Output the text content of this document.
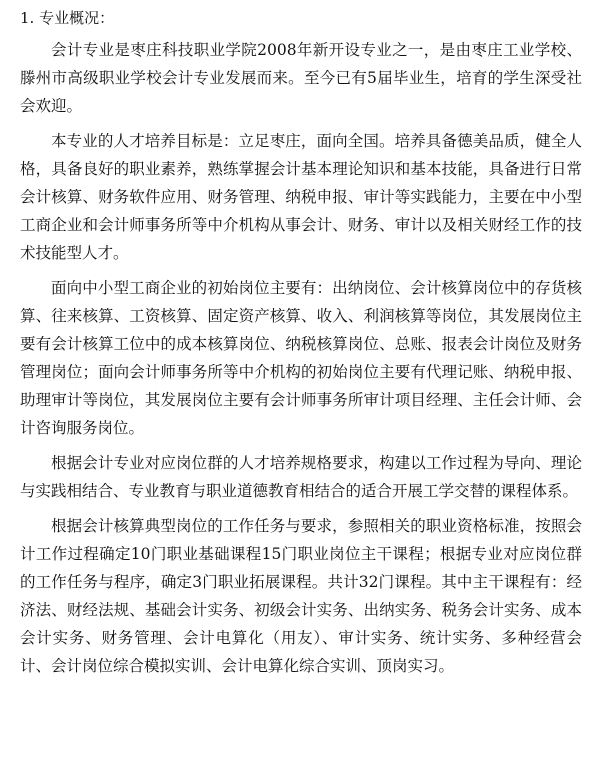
1. 专业概况：

会计专业是枣庄科技职业学院2008年新开设专业之一，是由枣庄工业学校、滕州市高级职业学校会计专业发展而来。至今已有5届毕业生，培育的学生深受社会欢迎。

本专业的人才培养目标是：立足枣庄，面向全国。培养具备德美品质，健全人格，具备良好的职业素养，熟练掌握会计基本理论知识和基本技能，具备进行日常会计核算、财务软件应用、财务管理、纳税申报、审计等实践能力，主要在中小型工商企业和会计师事务所等中介机构从事会计、财务、审计以及相关财经工作的技术技能型人才。

面向中小型工商企业的初始岗位主要有：出纳岗位、会计核算岗位中的存货核算、往来核算、工资核算、固定资产核算、收入、利润核算等岗位，其发展岗位主要有会计核算工位中的成本核算岗位、纳税核算岗位、总账、报表会计岗位及财务管理岗位；面向会计师事务所等中介机构的初始岗位主要有代理记账、纳税申报、助理审计等岗位，其发展岗位主要有会计师事务所审计项目经理、主任会计师、会计咨询服务岗位。

根据会计专业对应岗位群的人才培养规格要求，构建以工作过程为导向、理论与实践相结合、专业教育与职业道德教育相结合的适合开展工学交替的课程体系。

根据会计核算典型岗位的工作任务与要求，参照相关的职业资格标准，按照会计工作过程确定10门职业基础课程15门职业岗位主干课程；根据专业对应岗位群的工作任务与程序，确定3门职业拓展课程。共计32门课程。其中主干课程有：经济法、财经法规、基础会计实务、初级会计实务、出纳实务、税务会计实务、成本会计实务、财务管理、会计电算化（用友）、审计实务、统计实务、多种经营会计、会计岗位综合模拟实训、会计电算化综合实训、顶岗实习。
